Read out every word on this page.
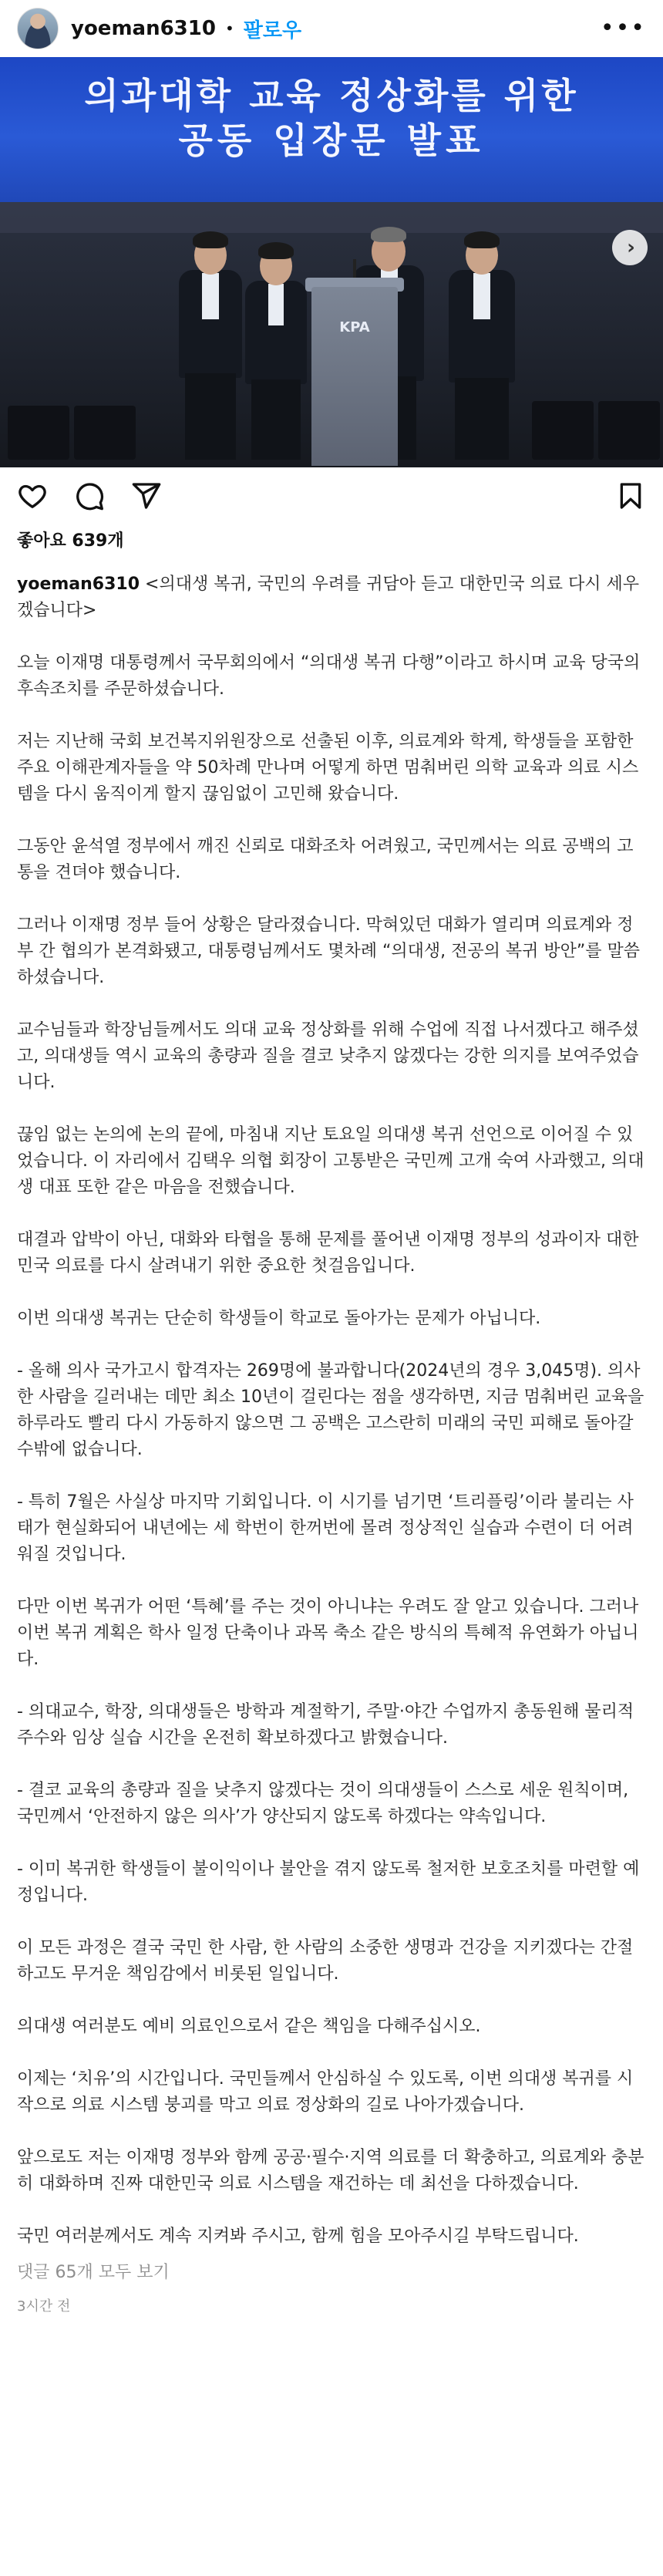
yoeman6310 • 팔로우	•••
의과대학 교육 정상화를 위한
공동 입장문 발표
KPA
›
좋아요 639개

yoeman6310 <의대생 복귀, 국민의 우려를 귀담아 듣고 대한민국 의료 다시 세우겠습니다>

오늘 이재명 대통령께서 국무회의에서 “의대생 복귀 다행”이라고 하시며 교육 당국의 후속조치를 주문하셨습니다.

저는 지난해 국회 보건복지위원장으로 선출된 이후, 의료계와 학계, 학생들을 포함한 주요 이해관계자들을 약 50차례 만나며 어떻게 하면 멈춰버린 의학 교육과 의료 시스템을 다시 움직이게 할지 끊임없이 고민해 왔습니다.

그동안 윤석열 정부에서 깨진 신뢰로 대화조차 어려웠고, 국민께서는 의료 공백의 고통을 견뎌야 했습니다.

그러나 이재명 정부 들어 상황은 달라졌습니다. 막혀있던 대화가 열리며 의료계와 정부 간 협의가 본격화됐고, 대통령님께서도 몇차례 “의대생, 전공의 복귀 방안”를 말씀하셨습니다.

교수님들과 학장님들께서도 의대 교육 정상화를 위해 수업에 직접 나서겠다고 해주셨고, 의대생들 역시 교육의 총량과 질을 결코 낮추지 않겠다는 강한 의지를 보여주었습니다.

끊임 없는 논의에 논의 끝에, 마침내 지난 토요일 의대생 복귀 선언으로 이어질 수 있었습니다. 이 자리에서 김택우 의협 회장이 고통받은 국민께 고개 숙여 사과했고, 의대생 대표 또한 같은 마음을 전했습니다.

대결과 압박이 아닌, 대화와 타협을 통해 문제를 풀어낸 이재명 정부의 성과이자 대한민국 의료를 다시 살려내기 위한 중요한 첫걸음입니다.

이번 의대생 복귀는 단순히 학생들이 학교로 돌아가는 문제가 아닙니다.

- 올해 의사 국가고시 합격자는 269명에 불과합니다(2024년의 경우 3,045명). 의사 한 사람을 길러내는 데만 최소 10년이 걸린다는 점을 생각하면, 지금 멈춰버린 교육을 하루라도 빨리 다시 가동하지 않으면 그 공백은 고스란히 미래의 국민 피해로 돌아갈 수밖에 없습니다.

- 특히 7월은 사실상 마지막 기회입니다. 이 시기를 넘기면 ‘트리플링’이라 불리는 사태가 현실화되어 내년에는 세 학번이 한꺼번에 몰려 정상적인 실습과 수련이 더 어려워질 것입니다.

다만 이번 복귀가 어떤 ‘특혜’를 주는 것이 아니냐는 우려도 잘 알고 있습니다. 그러나 이번 복귀 계획은 학사 일정 단축이나 과목 축소 같은 방식의 특혜적 유연화가 아닙니다.

- 의대교수, 학장, 의대생들은 방학과 계절학기, 주말·야간 수업까지 총동원해 물리적 주수와 임상 실습 시간을 온전히 확보하겠다고 밝혔습니다.

- 결코 교육의 총량과 질을 낮추지 않겠다는 것이 의대생들이 스스로 세운 원칙이며, 국민께서 ‘안전하지 않은 의사’가 양산되지 않도록 하겠다는 약속입니다.

- 이미 복귀한 학생들이 불이익이나 불안을 겪지 않도록 철저한 보호조치를 마련할 예정입니다.

이 모든 과정은 결국 국민 한 사람, 한 사람의 소중한 생명과 건강을 지키겠다는 간절하고도 무거운 책임감에서 비롯된 일입니다.

의대생 여러분도 예비 의료인으로서 같은 책임을 다해주십시오.

이제는 ‘치유’의 시간입니다. 국민들께서 안심하실 수 있도록, 이번 의대생 복귀를 시작으로 의료 시스템 붕괴를 막고 의료 정상화의 길로 나아가겠습니다.

앞으로도 저는 이재명 정부와 함께 공공·필수·지역 의료를 더 확충하고, 의료계와 충분히 대화하며 진짜 대한민국 의료 시스템을 재건하는 데 최선을 다하겠습니다.

국민 여러분께서도 계속 지켜봐 주시고, 함께 힘을 모아주시길 부탁드립니다.

댓글 65개 모두 보기
3시간 전
